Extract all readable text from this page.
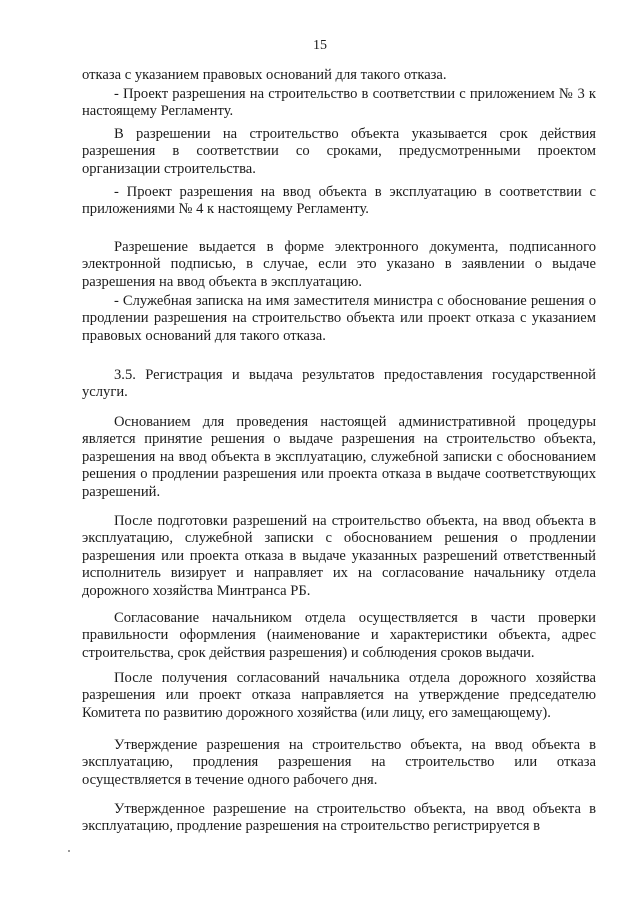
15

отказа с указанием правовых оснований для такого отказа.

- Проект разрешения на строительство в соответствии с приложением № 3 к настоящему Регламенту.

В разрешении на строительство объекта указывается срок действия разрешения в соответствии со сроками, предусмотренными проектом организации строительства.

- Проект разрешения на ввод объекта в эксплуатацию в соответствии с приложениями № 4 к настоящему Регламенту.

Разрешение выдается в форме электронного документа, подписанного электронной подписью, в случае, если это указано в заявлении о выдаче разрешения на ввод объекта в эксплуатацию.

- Служебная записка на имя заместителя министра с обоснование решения о продлении разрешения на строительство объекта или проект отказа с указанием правовых оснований для такого отказа.

3.5. Регистрация и выдача результатов предоставления государственной услуги.

Основанием для проведения настоящей административной процедуры является принятие решения о выдаче разрешения на строительство объекта, разрешения на ввод объекта в эксплуатацию, служебной записки с обоснованием решения о продлении разрешения или проекта отказа в выдаче соответствующих разрешений.

После подготовки разрешений на строительство объекта, на ввод объекта в эксплуатацию, служебной записки с обоснованием решения о продлении разрешения или проекта отказа в выдаче указанных разрешений ответственный исполнитель визирует и направляет их на согласование начальнику отдела дорожного хозяйства Минтранса РБ.

Согласование начальником отдела осуществляется в части проверки правильности оформления (наименование и характеристики объекта, адрес строительства, срок действия разрешения) и соблюдения сроков выдачи.

После получения согласований начальника отдела дорожного хозяйства разрешения или проект отказа направляется на утверждение председателю Комитета по развитию дорожного хозяйства (или лицу, его замещающему).

Утверждение разрешения на строительство объекта, на ввод объекта в эксплуатацию, продления разрешения на строительство или отказа осуществляется в течение одного рабочего дня.

Утвержденное разрешение на строительство объекта, на ввод объекта в эксплуатацию, продление разрешения на строительство регистрируется в
